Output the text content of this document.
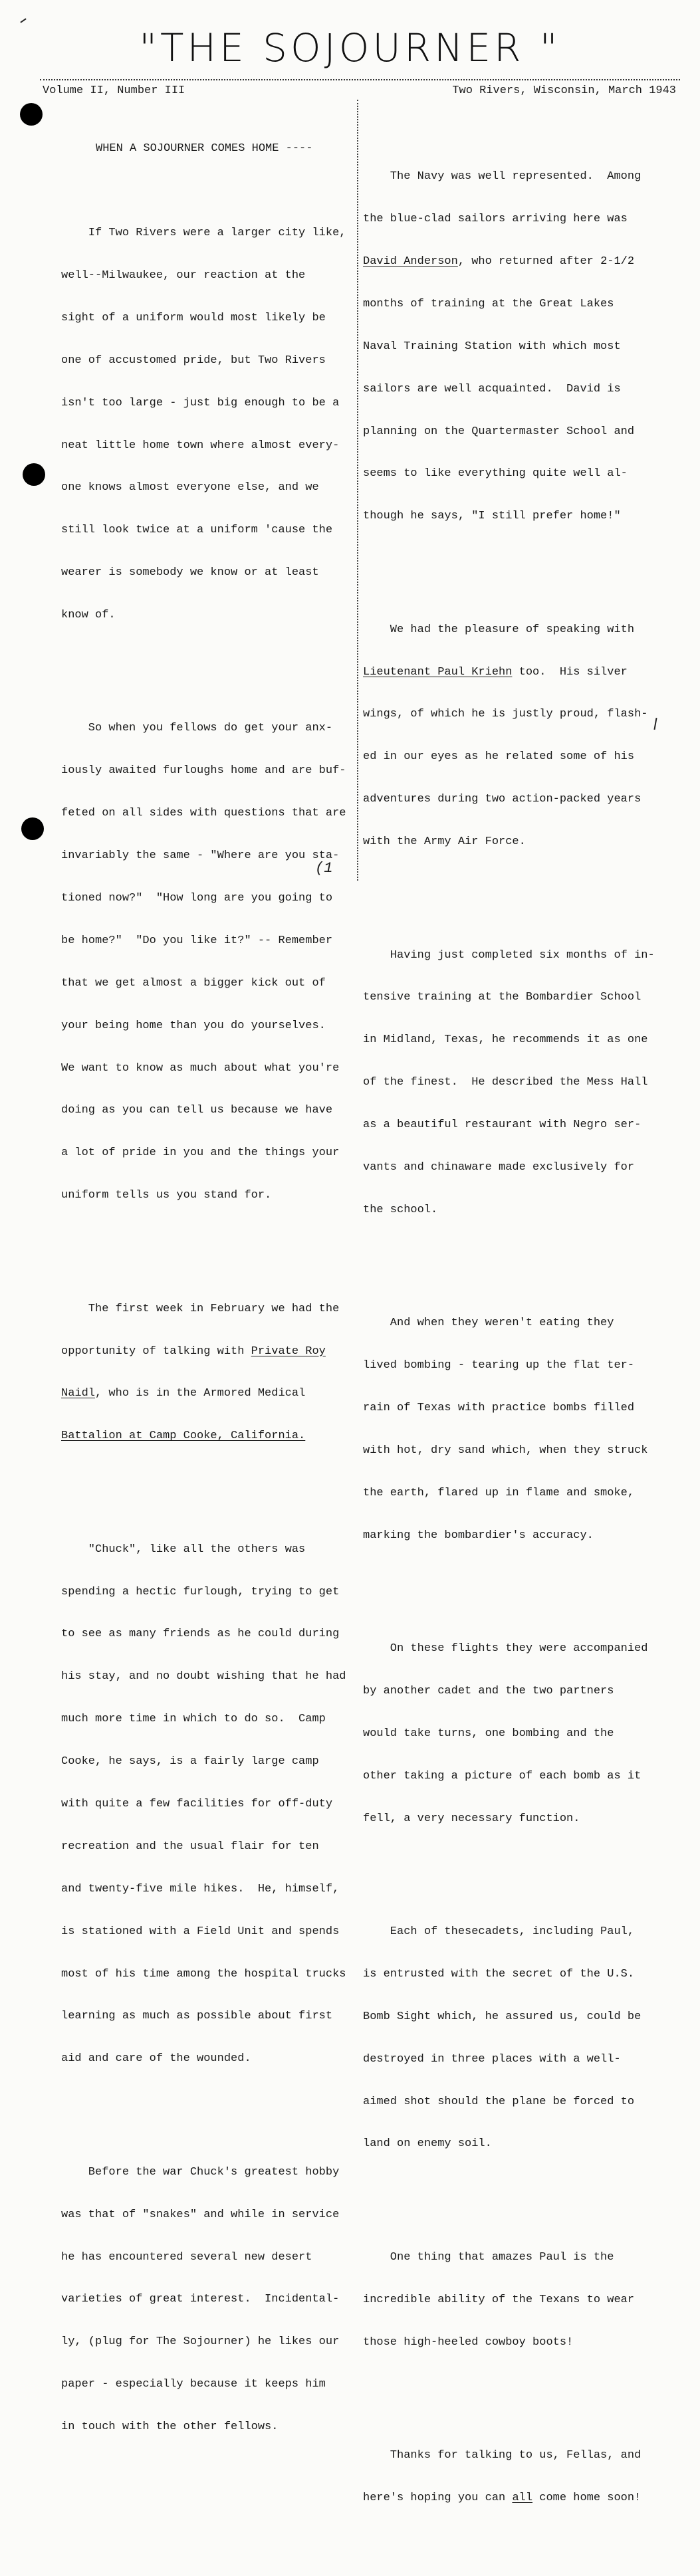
"THE SOJOURNER "
Volume II, Number III	Two Rivers, Wisconsin, March 1943

WHEN A SOJOURNER COMES HOME ----

If Two Rivers were a larger city like,

well--Milwaukee, our reaction at the

sight of a uniform would most likely be

one of accustomed pride, but Two Rivers

isn't too large - just big enough to be a

neat little home town where almost every-

one knows almost everyone else, and we

still look twice at a uniform 'cause the

wearer is somebody we know or at least

know of.

So when you fellows do get your anx-

iously awaited furloughs home and are buf-

feted on all sides with questions that are

invariably the same - "Where are you sta-

tioned now?"  "How long are you going to

be home?"  "Do you like it?" -- Remember

that we get almost a bigger kick out of

your being home than you do yourselves.

We want to know as much about what you're

doing as you can tell us because we have

a lot of pride in you and the things your

uniform tells us you stand for.

The first week in February we had the

opportunity of talking with Private Roy

Naidl, who is in the Armored Medical

Battalion at Camp Cooke, California.

"Chuck", like all the others was

spending a hectic furlough, trying to get

to see as many friends as he could during

his stay, and no doubt wishing that he had

much more time in which to do so.  Camp

Cooke, he says, is a fairly large camp

with quite a few facilities for off-duty

recreation and the usual flair for ten

and twenty-five mile hikes.  He, himself,

is stationed with a Field Unit and spends

most of his time among the hospital trucks

learning as much as possible about first

aid and care of the wounded.

Before the war Chuck's greatest hobby

was that of "snakes" and while in service

he has encountered several new desert

varieties of great interest.  Incidental-

ly, (plug for The Sojourner) he likes our

paper - especially because it keeps him

in touch with the other fellows.

The Navy was well represented.  Among

the blue-clad sailors arriving here was

David Anderson, who returned after 2-1/2

months of training at the Great Lakes

Naval Training Station with which most

sailors are well acquainted.  David is

planning on the Quartermaster School and

seems to like everything quite well al-

though he says, "I still prefer home!"

We had the pleasure of speaking with

Lieutenant Paul Kriehn too.  His silver

wings, of which he is justly proud, flash-

ed in our eyes as he related some of his

adventures during two action-packed years

with the Army Air Force.

Having just completed six months of in-

tensive training at the Bombardier School

in Midland, Texas, he recommends it as one

of the finest.  He described the Mess Hall

as a beautiful restaurant with Negro ser-

vants and chinaware made exclusively for

the school.

And when they weren't eating they

lived bombing - tearing up the flat ter-

rain of Texas with practice bombs filled

with hot, dry sand which, when they struck

the earth, flared up in flame and smoke,

marking the bombardier's accuracy.

On these flights they were accompanied

by another cadet and the two partners

would take turns, one bombing and the

other taking a picture of each bomb as it

fell, a very necessary function.

Each of thesecadets, including Paul,

is entrusted with the secret of the U.S.

Bomb Sight which, he assured us, could be

destroyed in three places with a well-

aimed shot should the plane be forced to

land on enemy soil.

One thing that amazes Paul is the

incredible ability of the Texans to wear

those high-heeled cowboy boots!

Thanks for talking to us, Fellas, and

here's hoping you can all come home soon!

(1
